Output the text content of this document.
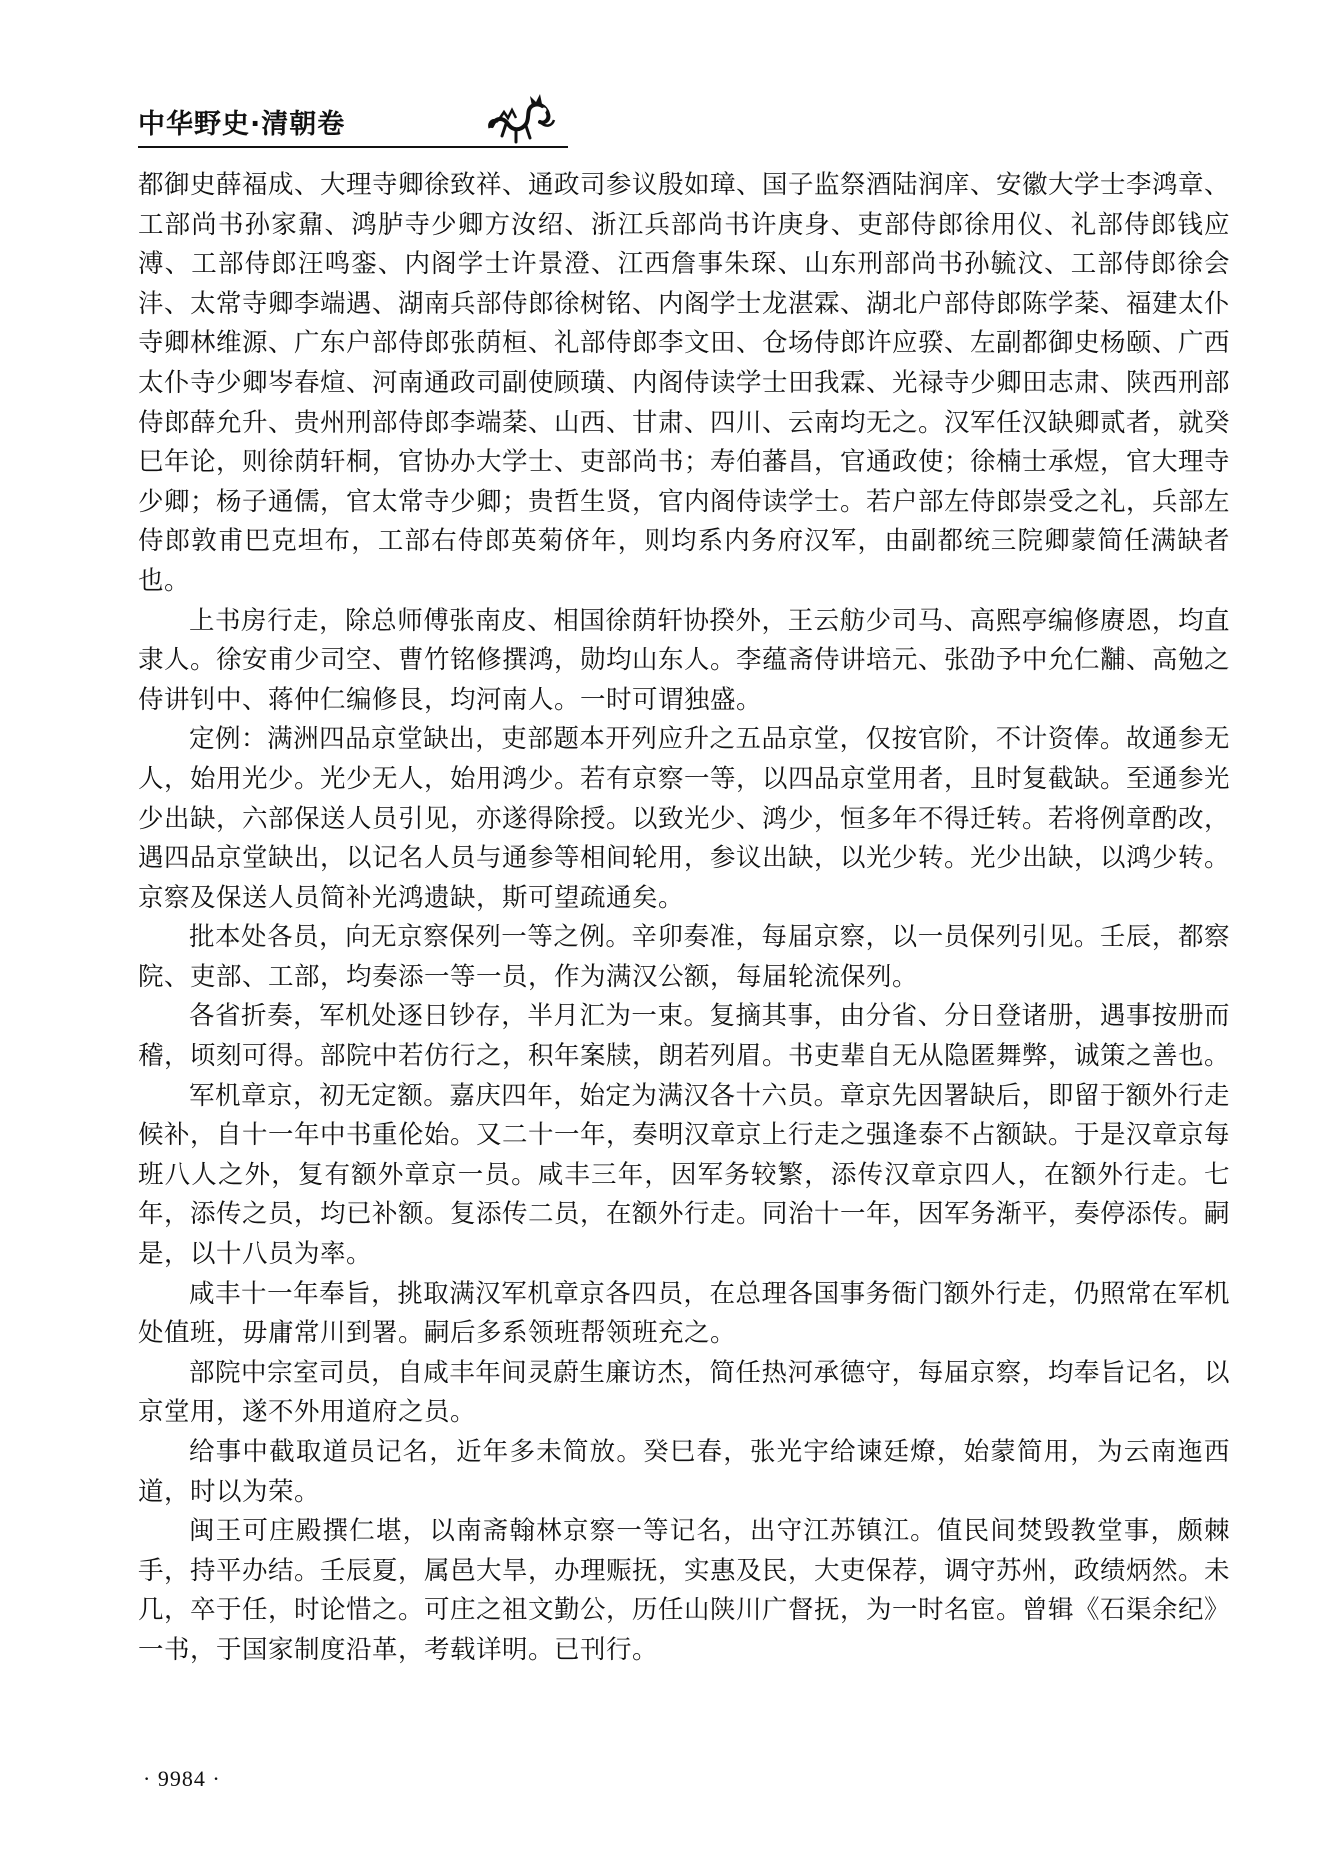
中华野史·清朝卷

都御史薛福成、大理寺卿徐致祥、通政司参议殷如璋、国子监祭酒陆润庠、安徽大学士李鸿章、工部尚书孙家鼐、鸿胪寺少卿方汝绍、浙江兵部尚书许庚身、吏部侍郎徐用仪、礼部侍郎钱应溥、工部侍郎汪鸣銮、内阁学士许景澄、江西詹事朱琛、山东刑部尚书孙毓汶、工部侍郎徐会沣、太常寺卿李端遇、湖南兵部侍郎徐树铭、内阁学士龙湛霖、湖北户部侍郎陈学棻、福建太仆寺卿林维源、广东户部侍郎张荫桓、礼部侍郎李文田、仓场侍郎许应骙、左副都御史杨颐、广西太仆寺少卿岑春煊、河南通政司副使顾璜、内阁侍读学士田我霖、光禄寺少卿田志肃、陕西刑部侍郎薛允升、贵州刑部侍郎李端棻、山西、甘肃、四川、云南均无之。汉军任汉缺卿贰者，就癸巳年论，则徐荫轩桐，官协办大学士、吏部尚书；寿伯蕃昌，官通政使；徐楠士承煜，官大理寺少卿；杨子通儒，官太常寺少卿；贵哲生贤，官内阁侍读学士。若户部左侍郎崇受之礼，兵部左侍郎敦甫巴克坦布，工部右侍郎英菊侪年，则均系内务府汉军，由副都统三院卿蒙简任满缺者也。

上书房行走，除总师傅张南皮、相国徐荫轩协揆外，王云舫少司马、高熙亭编修赓恩，均直隶人。徐安甫少司空、曹竹铭修撰鸿，勋均山东人。李蕴斋侍讲培元、张劭予中允仁黼、高勉之侍讲钊中、蒋仲仁编修艮，均河南人。一时可谓独盛。

定例：满洲四品京堂缺出，吏部题本开列应升之五品京堂，仅按官阶，不计资俸。故通参无人，始用光少。光少无人，始用鸿少。若有京察一等，以四品京堂用者，且时复截缺。至通参光少出缺，六部保送人员引见，亦遂得除授。以致光少、鸿少，恒多年不得迁转。若将例章酌改，遇四品京堂缺出，以记名人员与通参等相间轮用，参议出缺，以光少转。光少出缺，以鸿少转。京察及保送人员简补光鸿遗缺，斯可望疏通矣。

批本处各员，向无京察保列一等之例。辛卯奏准，每届京察，以一员保列引见。壬辰，都察院、吏部、工部，均奏添一等一员，作为满汉公额，每届轮流保列。

各省折奏，军机处逐日钞存，半月汇为一束。复摘其事，由分省、分日登诸册，遇事按册而稽，顷刻可得。部院中若仿行之，积年案牍，朗若列眉。书吏辈自无从隐匿舞弊，诚策之善也。

军机章京，初无定额。嘉庆四年，始定为满汉各十六员。章京先因署缺后，即留于额外行走候补，自十一年中书重伦始。又二十一年，奏明汉章京上行走之强逢泰不占额缺。于是汉章京每班八人之外，复有额外章京一员。咸丰三年，因军务较繁，添传汉章京四人，在额外行走。七年，添传之员，均已补额。复添传二员，在额外行走。同治十一年，因军务渐平，奏停添传。嗣是，以十八员为率。

咸丰十一年奉旨，挑取满汉军机章京各四员，在总理各国事务衙门额外行走，仍照常在军机处值班，毋庸常川到署。嗣后多系领班帮领班充之。

部院中宗室司员，自咸丰年间灵蔚生廉访杰，简任热河承德守，每届京察，均奉旨记名，以京堂用，遂不外用道府之员。

给事中截取道员记名，近年多未简放。癸巳春，张光宇给谏廷燎，始蒙简用，为云南迤西道，时以为荣。

闽王可庄殿撰仁堪，以南斋翰林京察一等记名，出守江苏镇江。值民间焚毁教堂事，颇棘手，持平办结。壬辰夏，属邑大旱，办理赈抚，实惠及民，大吏保荐，调守苏州，政绩炳然。未几，卒于任，时论惜之。可庄之祖文勤公，历任山陕川广督抚，为一时名宦。曾辑《石渠余纪》一书，于国家制度沿革，考载详明。已刊行。

· 9984 ·
